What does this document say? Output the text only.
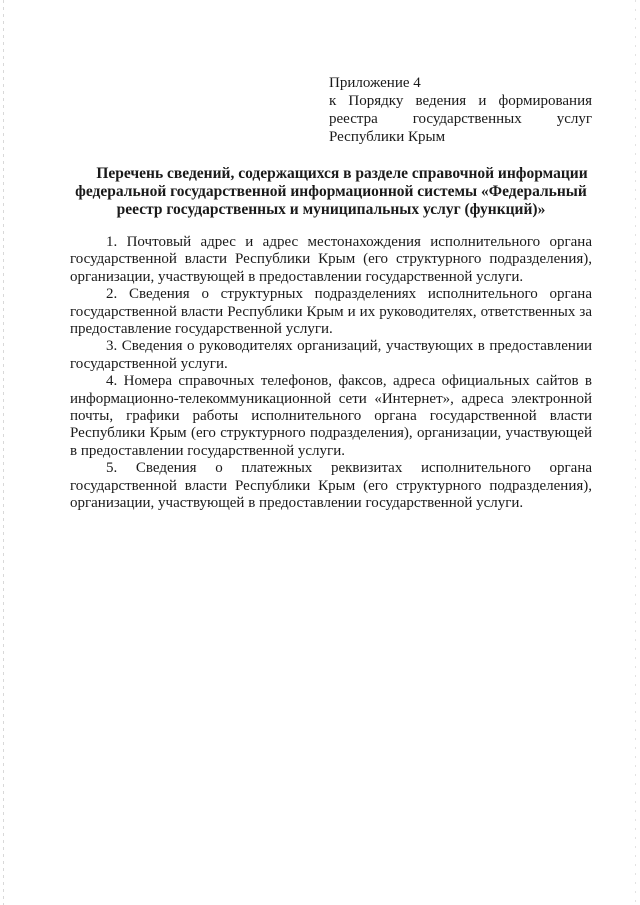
Приложение 4
к Порядку ведения и формирования
реестра государственных услуг
Республики Крым
Перечень сведений, содержащихся в разделе справочной информации
федеральной государственной информационной системы «Федеральный
реестр государственных и муниципальных услуг (функций)»

1. Почтовый адрес и адрес местонахождения исполнительного органа государственной власти Республики Крым (его структурного подразделения), организации, участвующей в предоставлении государственной услуги.

2. Сведения о структурных подразделениях исполнительного органа государственной власти Республики Крым и их руководителях, ответственных за предоставление государственной услуги.

3. Сведения о руководителях организаций, участвующих в предоставлении государственной услуги.

4. Номера справочных телефонов, факсов, адреса официальных сайтов в информационно-телекоммуникационной сети «Интернет», адреса электронной почты, графики работы исполнительного органа государственной власти Республики Крым (его структурного подразделения), организации, участвующей в предоставлении государственной услуги.

5. Сведения о платежных реквизитах исполнительного органа государственной власти Республики Крым (его структурного подразделения), организации, участвующей в предоставлении государственной услуги.
